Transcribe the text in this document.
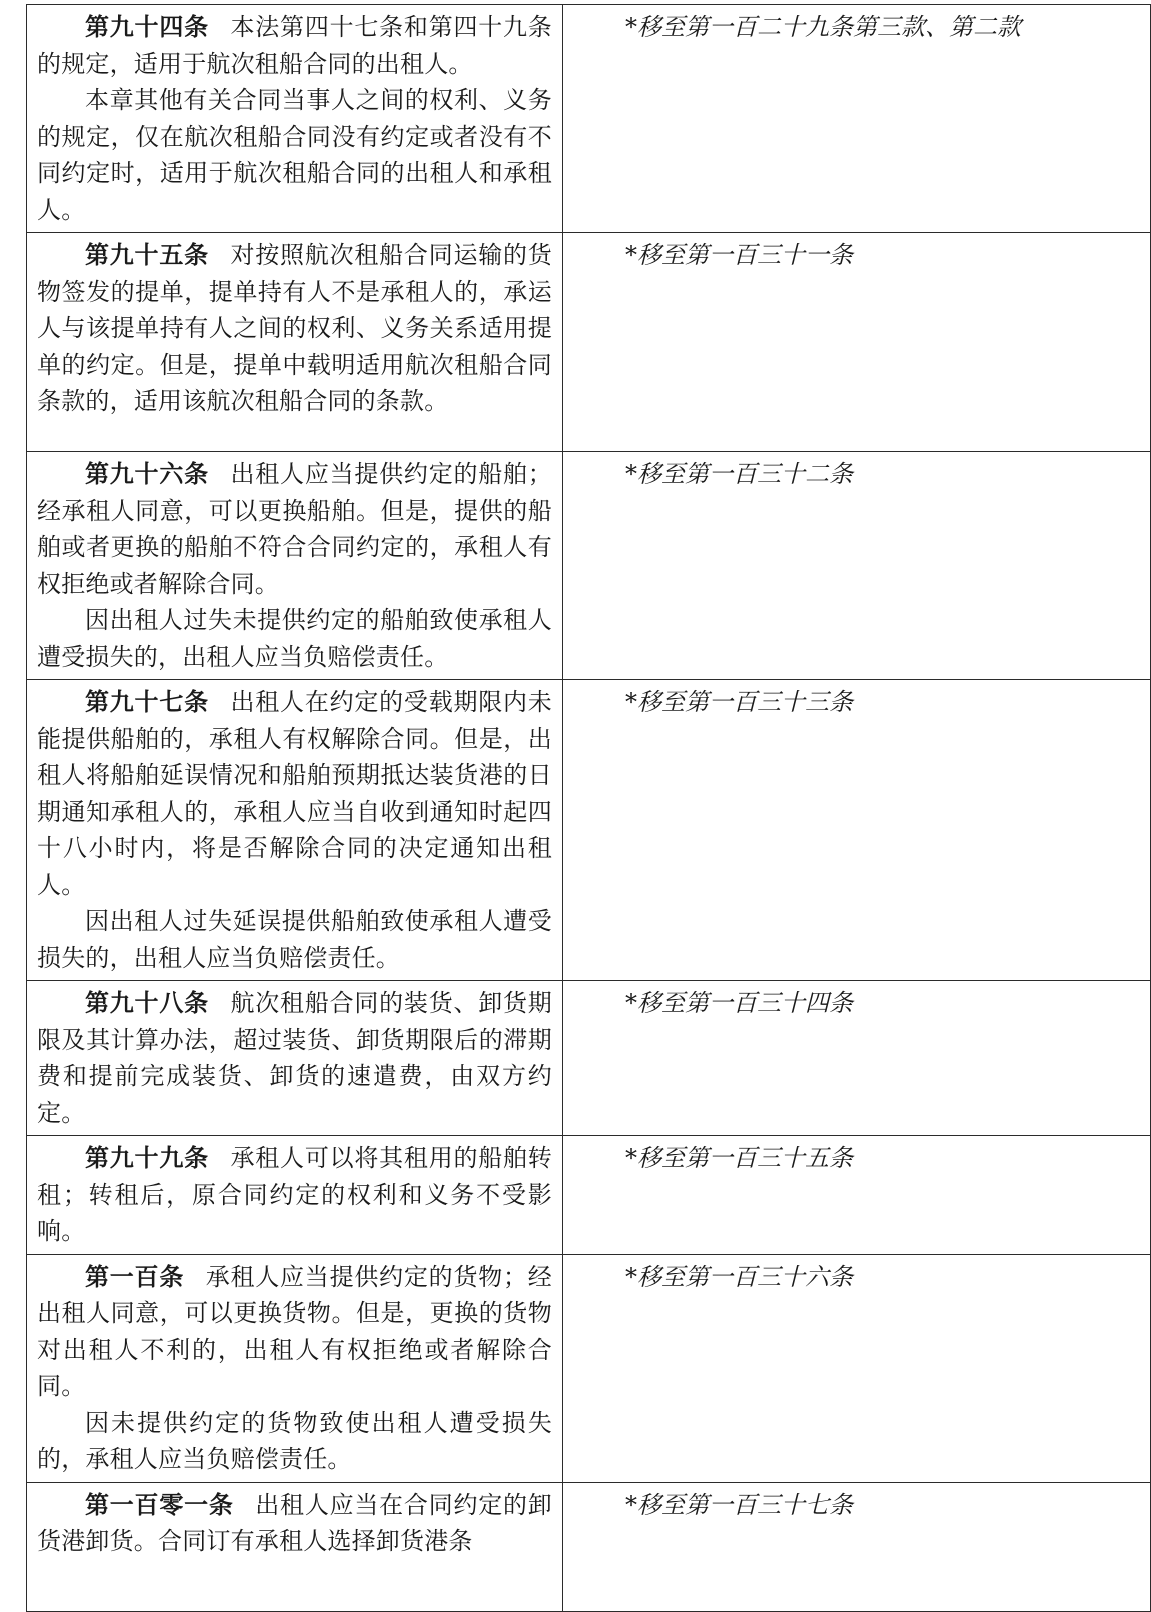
第九十四条 本法第四十七条和第四十九条的规定，适用于航次租船合同的出租人。

本章其他有关合同当事人之间的权利、义务的规定，仅在航次租船合同没有约定或者没有不同约定时，适用于航次租船合同的出租人和承租人。	*移至第一百二十九条第三款、第二款

第九十五条 对按照航次租船合同运输的货物签发的提单，提单持有人不是承租人的，承运人与该提单持有人之间的权利、义务关系适用提单的约定。但是，提单中载明适用航次租船合同条款的，适用该航次租船合同的条款。	*移至第一百三十一条

第九十六条 出租人应当提供约定的船舶；经承租人同意，可以更换船舶。但是，提供的船舶或者更换的船舶不符合合同约定的，承租人有权拒绝或者解除合同。

因出租人过失未提供约定的船舶致使承租人遭受损失的，出租人应当负赔偿责任。	*移至第一百三十二条

第九十七条 出租人在约定的受载期限内未能提供船舶的，承租人有权解除合同。但是，出租人将船舶延误情况和船舶预期抵达装货港的日期通知承租人的，承租人应当自收到通知时起四十八小时内，将是否解除合同的决定通知出租人。

因出租人过失延误提供船舶致使承租人遭受损失的，出租人应当负赔偿责任。	*移至第一百三十三条

第九十八条 航次租船合同的装货、卸货期限及其计算办法，超过装货、卸货期限后的滞期费和提前完成装货、卸货的速遣费，由双方约定。	*移至第一百三十四条

第九十九条 承租人可以将其租用的船舶转租；转租后，原合同约定的权利和义务不受影响。	*移至第一百三十五条

第一百条 承租人应当提供约定的货物；经出租人同意，可以更换货物。但是，更换的货物对出租人不利的，出租人有权拒绝或者解除合同。

因未提供约定的货物致使出租人遭受损失的，承租人应当负赔偿责任。	*移至第一百三十六条

第一百零一条 出租人应当在合同约定的卸货港卸货。合同订有承租人选择卸货港条	*移至第一百三十七条
